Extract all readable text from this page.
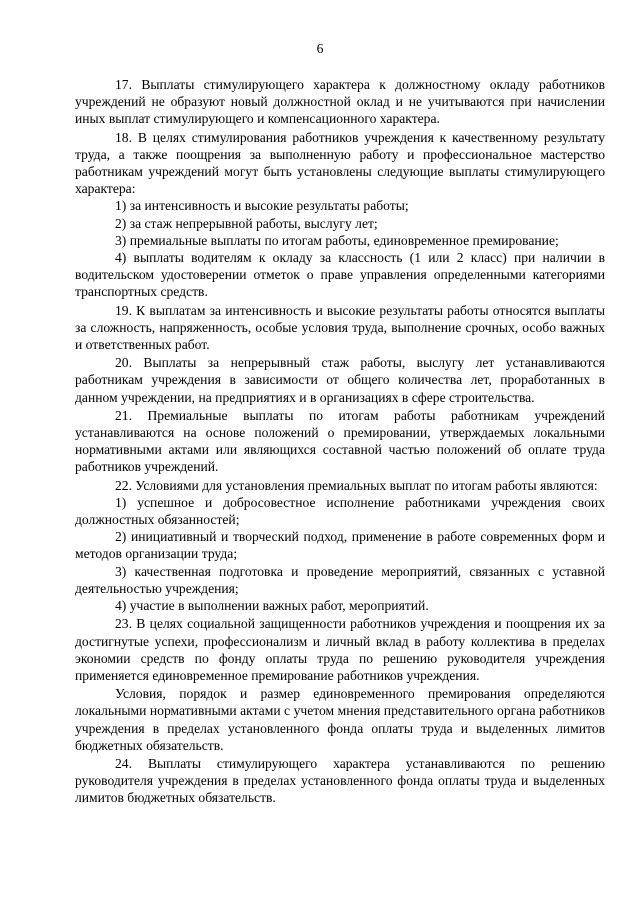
6

17. Выплаты стимулирующего характера к должностному окладу работников учреждений не образуют новый должностной оклад и не учитываются при начислении иных выплат стимулирующего и компенсационного характера.

18. В целях стимулирования работников учреждения к качественному результату труда, а также поощрения за выполненную работу и профессиональное мастерство работникам учреждений могут быть установлены следующие выплаты стимулирующего характера:

1) за интенсивность и высокие результаты работы;

2) за стаж непрерывной работы, выслугу лет;

3) премиальные выплаты по итогам работы, единовременное премирование;

4) выплаты водителям к окладу за классность (1 или 2 класс) при наличии в водительском удостоверении отметок о праве управления определенными категориями транспортных средств.

19. К выплатам за интенсивность и высокие результаты работы относятся выплаты за сложность, напряженность, особые условия труда, выполнение срочных, особо важных и ответственных работ.

20. Выплаты за непрерывный стаж работы, выслугу лет устанавливаются работникам учреждения в зависимости от общего количества лет, проработанных в данном учреждении, на предприятиях и в организациях в сфере строительства.

21. Премиальные выплаты по итогам работы работникам учреждений устанавливаются на основе положений о премировании, утверждаемых локальными нормативными актами или являющихся составной частью положений об оплате труда работников учреждений.

22. Условиями для установления премиальных выплат по итогам работы являются:

1) успешное и добросовестное исполнение работниками учреждения своих должностных обязанностей;

2) инициативный и творческий подход, применение в работе современных форм и методов организации труда;

3) качественная подготовка и проведение мероприятий, связанных с уставной деятельностью учреждения;

4) участие в выполнении важных работ, мероприятий.

23. В целях социальной защищенности работников учреждения и поощрения их за достигнутые успехи, профессионализм и личный вклад в работу коллектива в пределах экономии средств по фонду оплаты труда по решению руководителя учреждения применяется единовременное премирование работников учреждения.

Условия, порядок и размер единовременного премирования определяются локальными нормативными актами с учетом мнения представительного органа работников учреждения в пределах установленного фонда оплаты труда и выделенных лимитов бюджетных обязательств.

24. Выплаты стимулирующего характера устанавливаются по решению руководителя учреждения в пределах установленного фонда оплаты труда и выделенных лимитов бюджетных обязательств.
